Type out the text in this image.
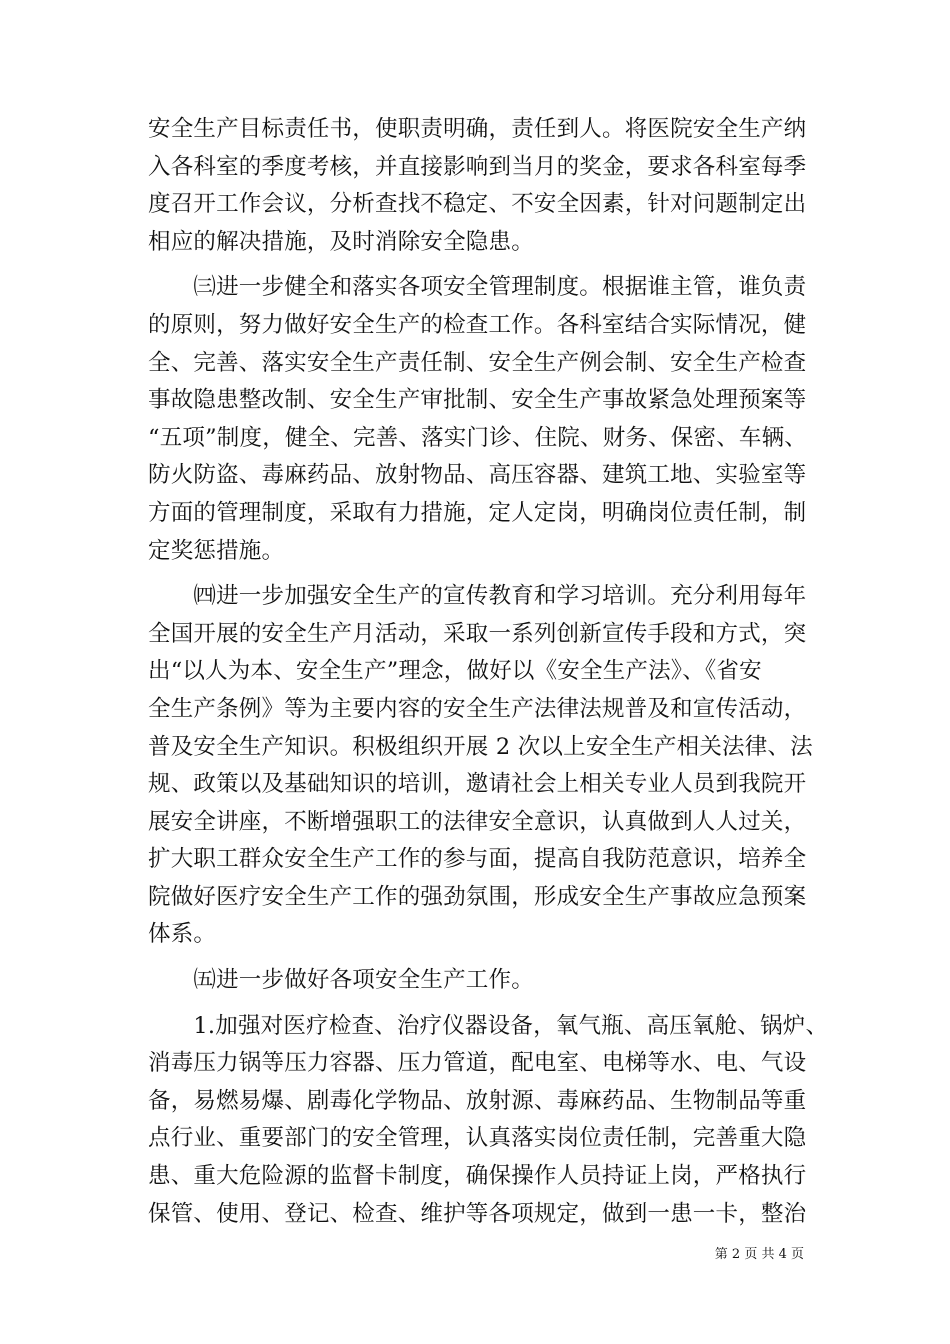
安全生产目标责任书，使职责明确，责任到人。将医院安全生产纳
入各科室的季度考核，并直接影响到当月的奖金，要求各科室每季
度召开工作会议，分析查找不稳定、不安全因素，针对问题制定出
相应的解决措施，及时消除安全隐患。
　　㈢进一步健全和落实各项安全管理制度。根据谁主管，谁负责
的原则，努力做好安全生产的检查工作。各科室结合实际情况，健
全、完善、落实安全生产责任制、安全生产例会制、安全生产检查
事故隐患整改制、安全生产审批制、安全生产事故紧急处理预案等
“五项”制度，健全、完善、落实门诊、住院、财务、保密、车辆、
防火防盗、毒麻药品、放射物品、高压容器、建筑工地、实验室等
方面的管理制度，采取有力措施，定人定岗，明确岗位责任制，制
定奖惩措施。
　　㈣进一步加强安全生产的宣传教育和学习培训。充分利用每年
全国开展的安全生产月活动，采取一系列创新宣传手段和方式，突
出“以人为本、安全生产”理念，做好以《安全生产法》、《省安
全生产条例》等为主要内容的安全生产法律法规普及和宣传活动，
普及安全生产知识。积极组织开展 2 次以上安全生产相关法律、法
规、政策以及基础知识的培训，邀请社会上相关专业人员到我院开
展安全讲座，不断增强职工的法律安全意识，认真做到人人过关，
扩大职工群众安全生产工作的参与面，提高自我防范意识，培养全
院做好医疗安全生产工作的强劲氛围，形成安全生产事故应急预案
体系。
　　㈤进一步做好各项安全生产工作。
　　1.加强对医疗检查、治疗仪器设备，氧气瓶、高压氧舱、锅炉、
消毒压力锅等压力容器、压力管道，配电室、电梯等水、电、气设
备，易燃易爆、剧毒化学物品、放射源、毒麻药品、生物制品等重
点行业、重要部门的安全管理，认真落实岗位责任制，完善重大隐
患、重大危险源的监督卡制度，确保操作人员持证上岗，严格执行
保管、使用、登记、检查、维护等各项规定，做到一患一卡，整治
第 2 页 共 4 页
